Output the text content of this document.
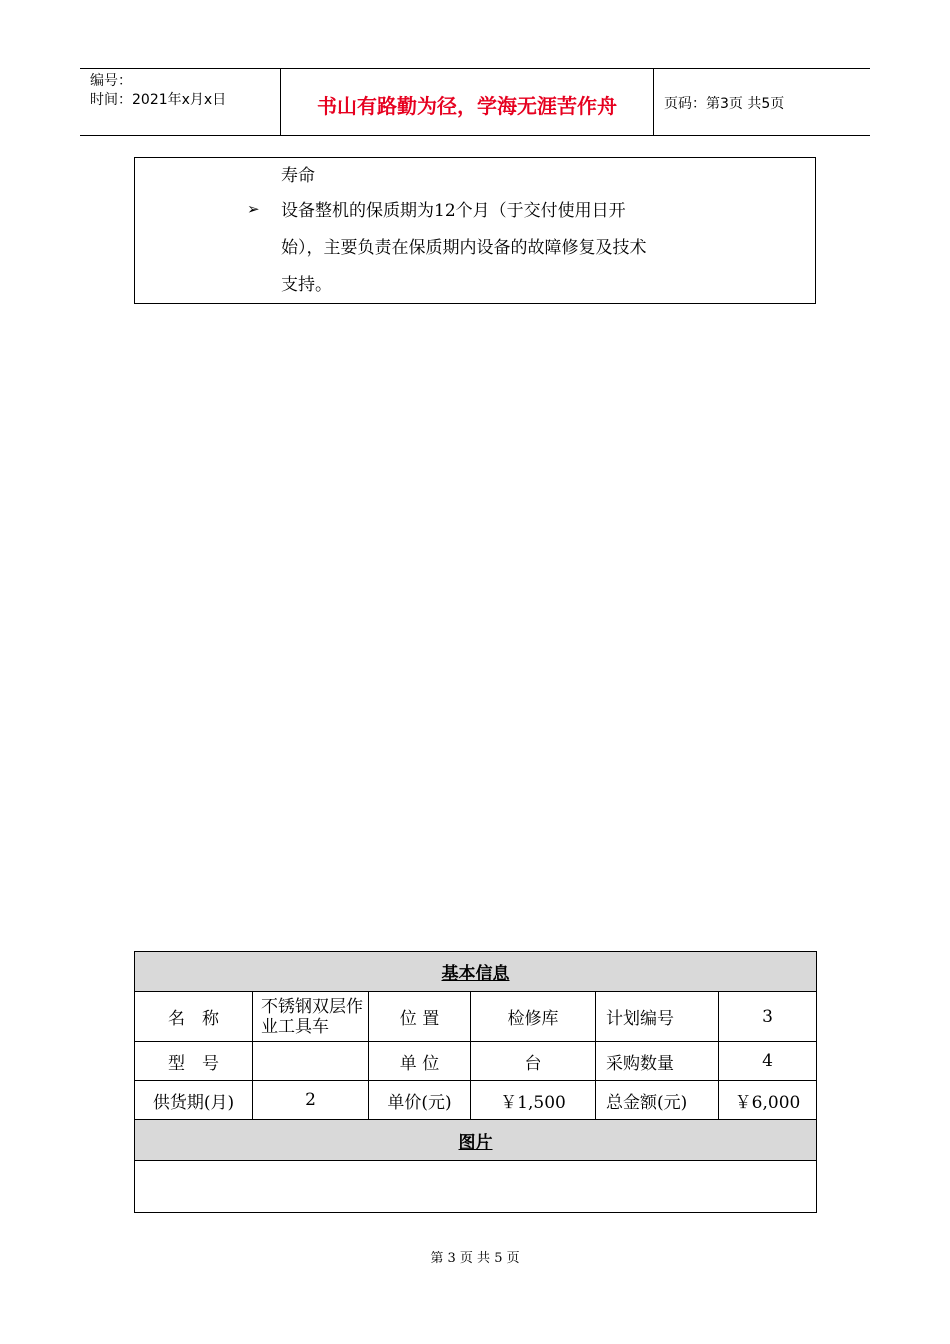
编号：
时间：2021年x月x日	书山有路勤为径，学海无涯苦作舟	页码：第3页 共5页
寿命
➢ 设备整机的保质期为12个月（于交付使用日开
始），主要负责在保质期内设备的故障修复及技术
支持。
基本信息					
名　称	不锈钢双层作业工具车	位 置	检修库	计划编号	3
型　号		单 位	台	采购数量	4
供货期(月)	2	单价(元)	￥1,500	总金额(元)	￥6,000
图片					

第 3 页 共 5 页
